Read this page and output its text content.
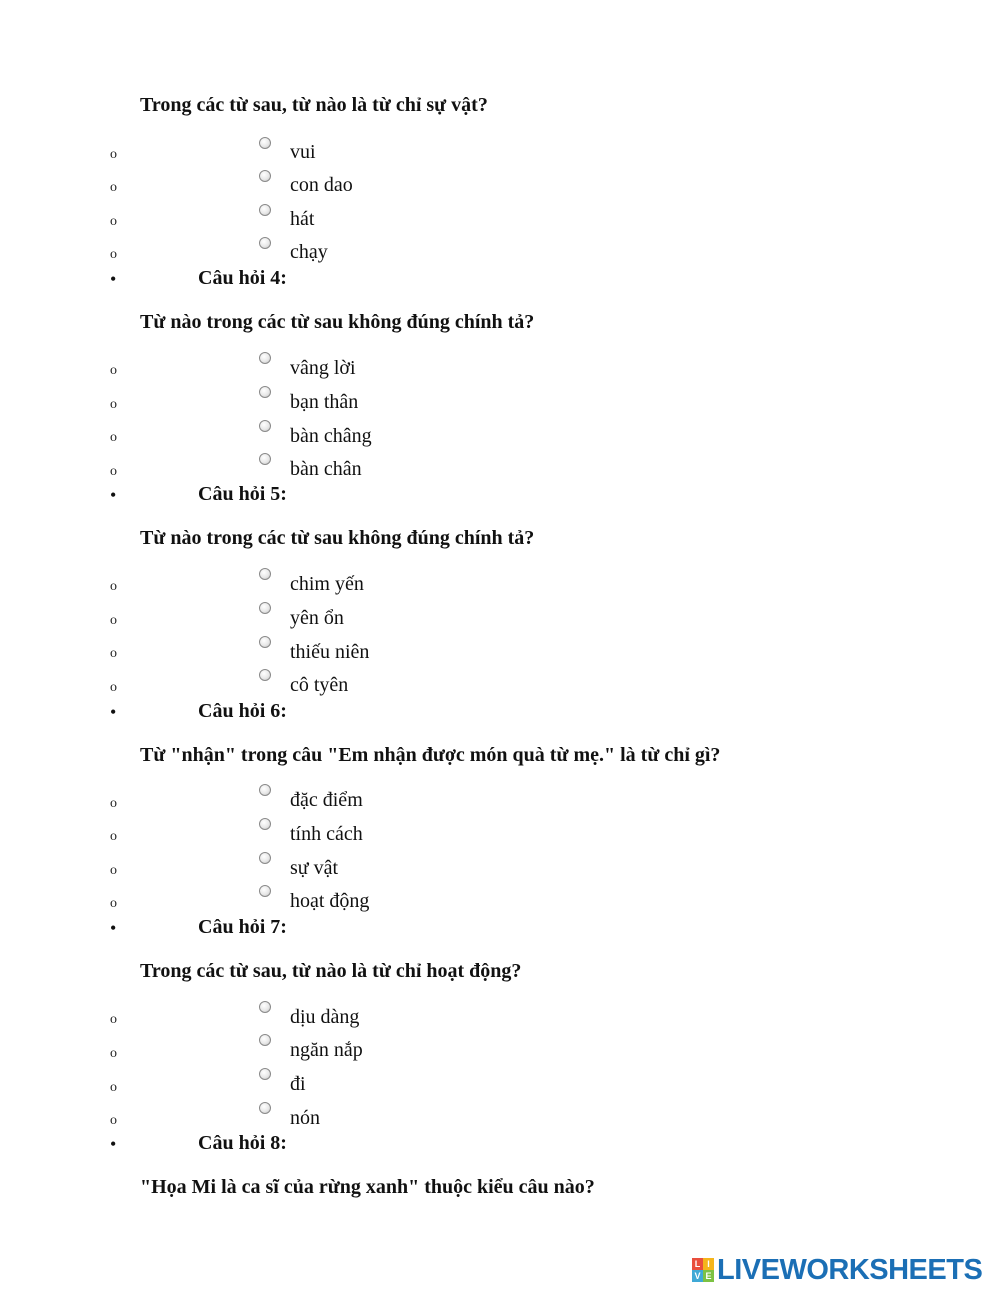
Trong các từ sau, từ nào là từ chỉ sự vật?
o	vui
o	con dao
o	hát
o	chạy
•	Câu hỏi 4:
Từ nào trong các từ sau không đúng chính tả?
o	vâng lời
o	bạn thân
o	bàn châng
o	bàn chân
•	Câu hỏi 5:
Từ nào trong các từ sau không đúng chính tả?
o	chim yến
o	yên ổn
o	thiếu niên
o	cô tyên
•	Câu hỏi 6:
Từ "nhận" trong câu "Em nhận được món quà từ mẹ." là từ chỉ gì?
o	đặc điểm
o	tính cách
o	sự vật
o	hoạt động
•	Câu hỏi 7:
Trong các từ sau, từ nào là từ chỉ hoạt động?
o	dịu dàng
o	ngăn nắp
o	đi
o	nón
•	Câu hỏi 8:
"Họa Mi là ca sĩ của rừng xanh" thuộc kiểu câu nào?
L I
V E LIVEWORKSHEETS
